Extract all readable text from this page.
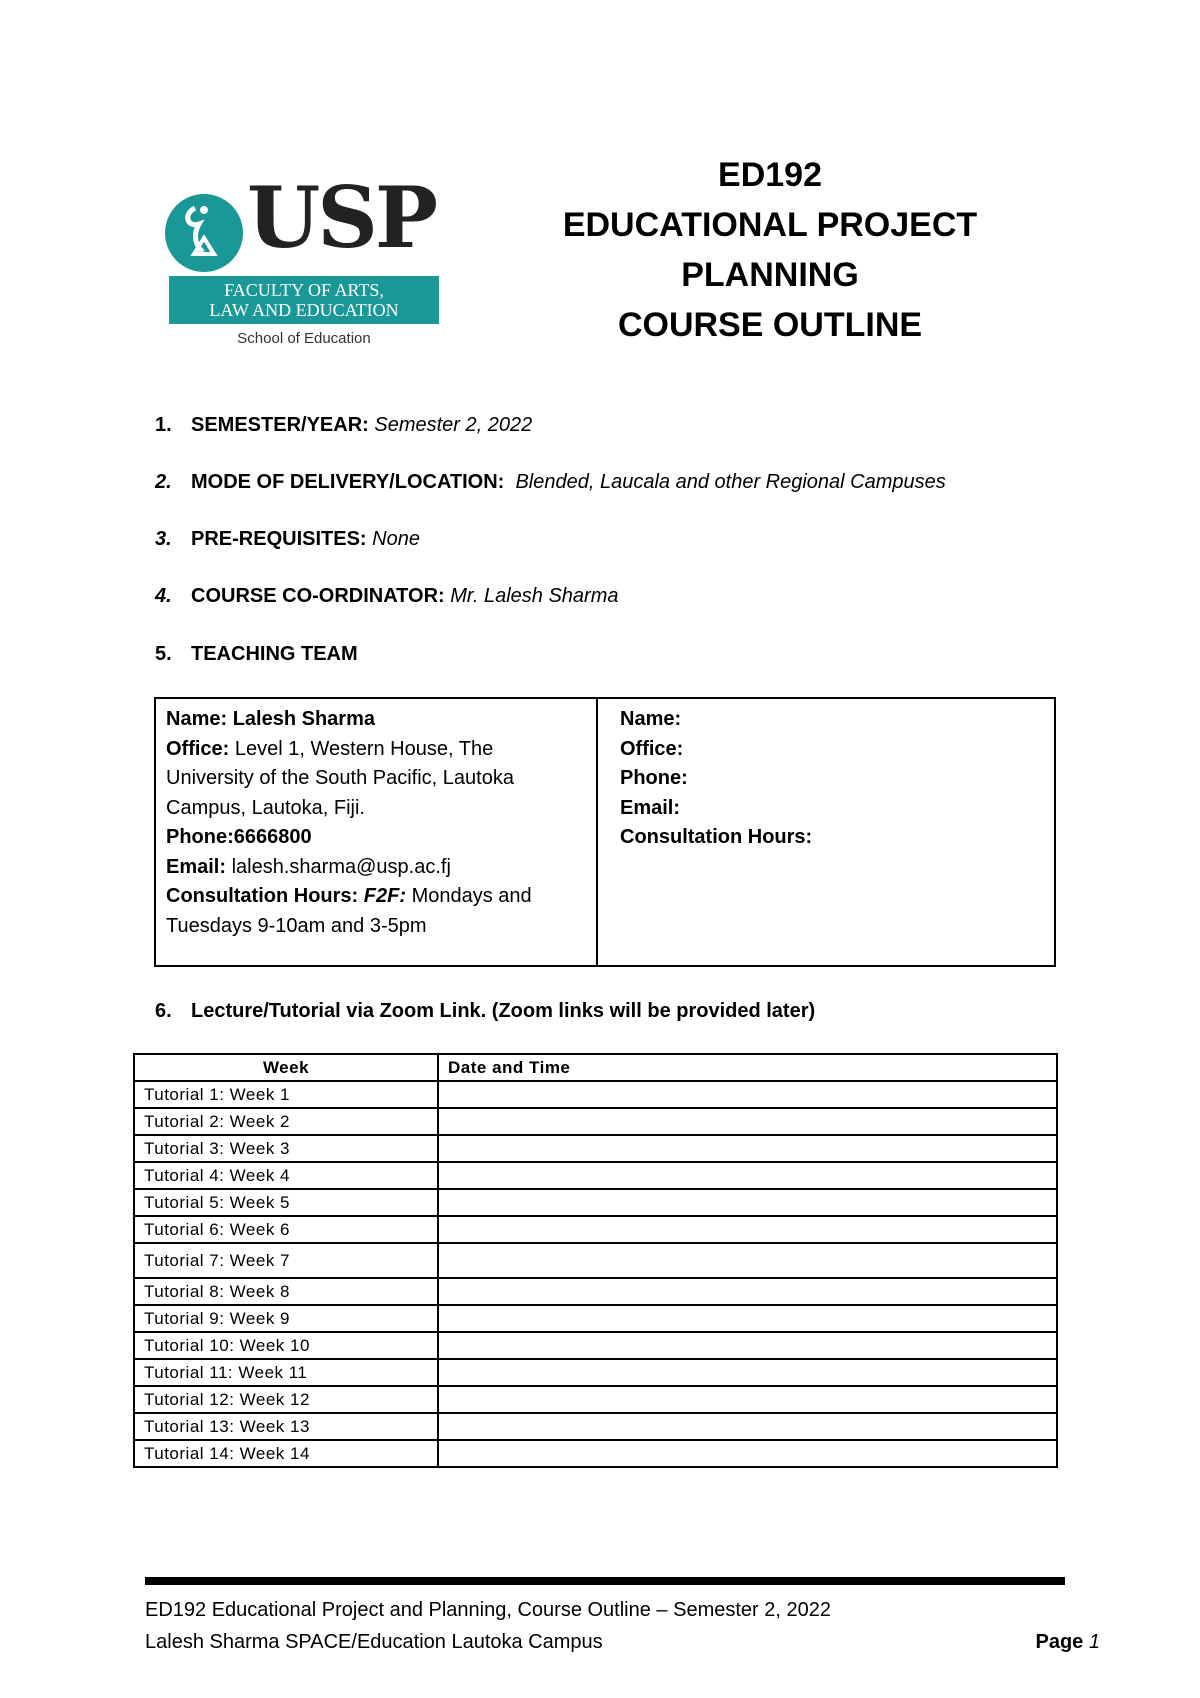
USP
FACULTY OF ARTS,
LAW AND EDUCATION
School of Education
ED192
EDUCATIONAL PROJECT
PLANNING
COURSE OUTLINE
1. SEMESTER/YEAR: Semester 2, 2022
2. MODE OF DELIVERY/LOCATION: Blended, Laucala and other Regional Campuses
3. PRE-REQUISITES: None
4. COURSE CO-ORDINATOR: Mr. Lalesh Sharma
5. TEACHING TEAM
Name: Lalesh Sharma
Office: Level 1, Western House, The
University of the South Pacific, Lautoka
Campus, Lautoka, Fiji.
Phone:6666800
Email: lalesh.sharma@usp.ac.fj
Consultation Hours: F2F: Mondays and
Tuesdays 9-10am and 3-5pm
Name:
Office:
Phone:
Email:
Consultation Hours:
6. Lecture/Tutorial via Zoom Link. (Zoom links will be provided later)
Week	Date and Time
Tutorial 1: Week 1	
Tutorial 2: Week 2	
Tutorial 3: Week 3	
Tutorial 4: Week 4	
Tutorial 5: Week 5	
Tutorial 6: Week 6	
Tutorial 7: Week 7	
Tutorial 8: Week 8	
Tutorial 9: Week 9	
Tutorial 10: Week 10	
Tutorial 11: Week 11	
Tutorial 12: Week 12	
Tutorial 13: Week 13	
Tutorial 14: Week 14	
ED192 Educational Project and Planning, Course Outline – Semester 2, 2022
Lalesh Sharma SPACE/Education Lautoka Campus	Page 1
